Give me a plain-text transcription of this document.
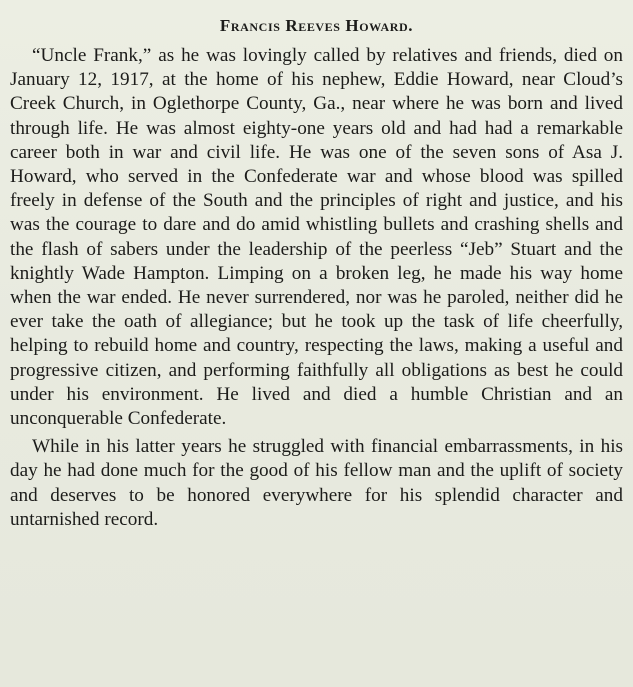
Francis Reeves Howard.

“Uncle Frank,” as he was lovingly called by relatives and friends, died on January 12, 1917, at the home of his nephew, Eddie Howard, near Cloud’s Creek Church, in Oglethorpe County, Ga., near where he was born and lived through life. He was almost eighty-one years old and had had a remarkable career both in war and civil life. He was one of the seven sons of Asa J. Howard, who served in the Confederate war and whose blood was spilled freely in defense of the South and the principles of right and justice, and his was the courage to dare and do amid whistling bullets and crashing shells and the flash of sabers under the leadership of the peerless “Jeb” Stuart and the knightly Wade Hampton. Limping on a broken leg, he made his way home when the war ended. He never surrendered, nor was he paroled, neither did he ever take the oath of allegiance; but he took up the task of life cheerfully, helping to rebuild home and country, respecting the laws, making a useful and progressive citizen, and performing faithfully all obligations as best he could under his environment. He lived and died a humble Christian and an unconquerable Confederate.

While in his latter years he struggled with financial embarrassments, in his day he had done much for the good of his fellow man and the uplift of society and deserves to be honored everywhere for his splendid character and untarnished record.
